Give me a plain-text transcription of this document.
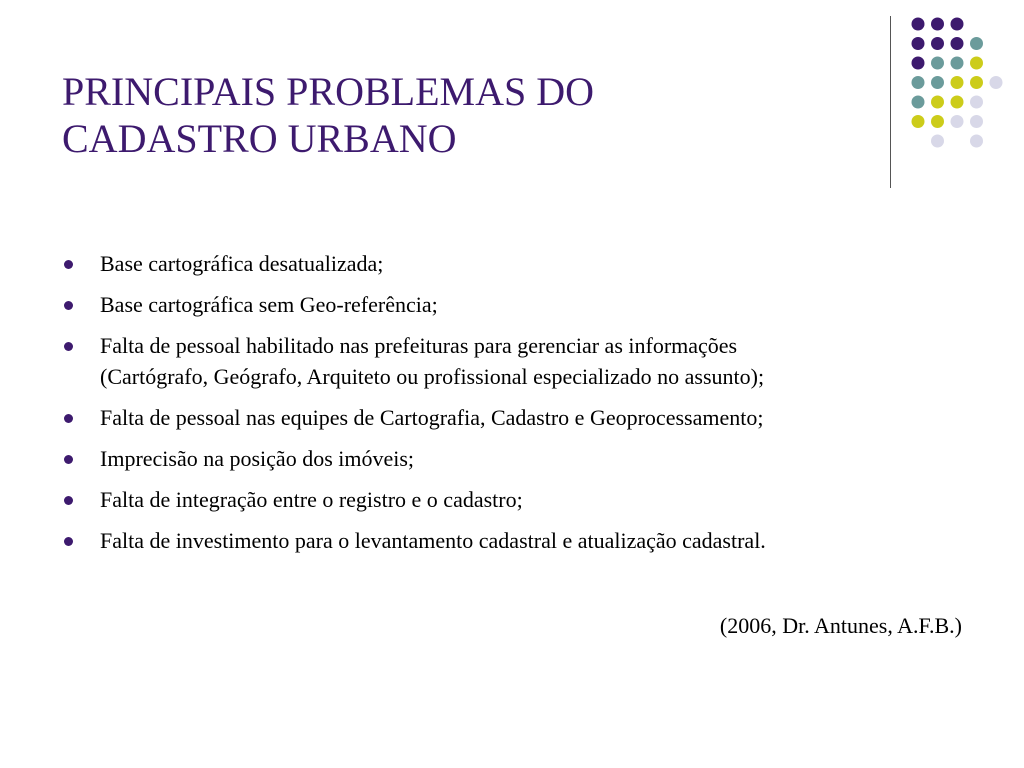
PRINCIPAIS PROBLEMAS DO
CADASTRO URBANO
Base cartográfica desatualizada;
Base cartográfica sem Geo-referência;
Falta de pessoal habilitado nas prefeituras para gerenciar as informações
(Cartógrafo, Geógrafo, Arquiteto ou profissional especializado no assunto);
Falta de pessoal nas equipes de Cartografia, Cadastro e Geoprocessamento;
Imprecisão na posição dos imóveis;
Falta de integração entre o registro e o cadastro;
Falta de investimento para o levantamento cadastral e atualização cadastral.
(2006, Dr. Antunes, A.F.B.)
